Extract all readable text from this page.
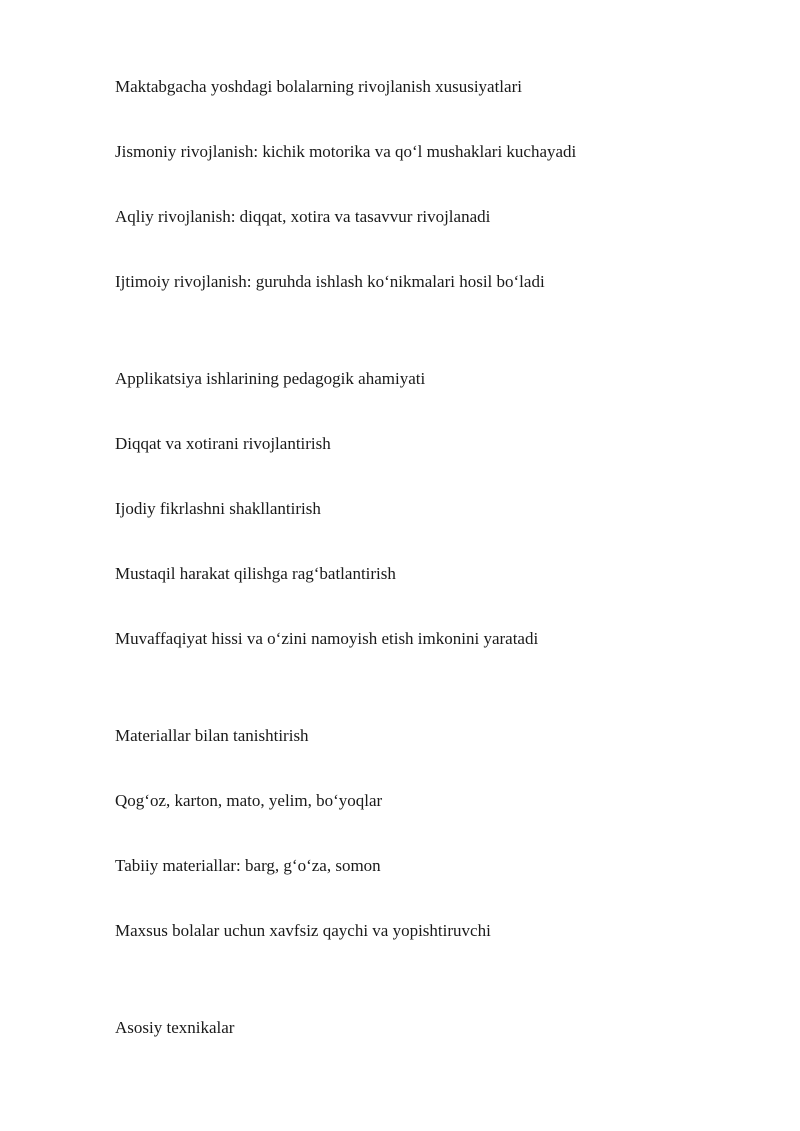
Maktabgacha yoshdagi bolalarning rivojlanish xususiyatlari
Jismoniy rivojlanish: kichik motorika va qo‘l mushaklari kuchayadi
Aqliy rivojlanish: diqqat, xotira va tasavvur rivojlanadi
Ijtimoiy rivojlanish: guruhda ishlash ko‘nikmalari hosil bo‘ladi
Applikatsiya ishlarining pedagogik ahamiyati
Diqqat va xotirani rivojlantirish
Ijodiy fikrlashni shakllantirish
Mustaqil harakat qilishga rag‘batlantirish
Muvaffaqiyat hissi va o‘zini namoyish etish imkonini yaratadi
Materiallar bilan tanishtirish
Qog‘oz, karton, mato, yelim, bo‘yoqlar
Tabiiy materiallar: barg, g‘o‘za, somon
Maxsus bolalar uchun xavfsiz qaychi va yopishtiruvchi
Asosiy texnikalar
